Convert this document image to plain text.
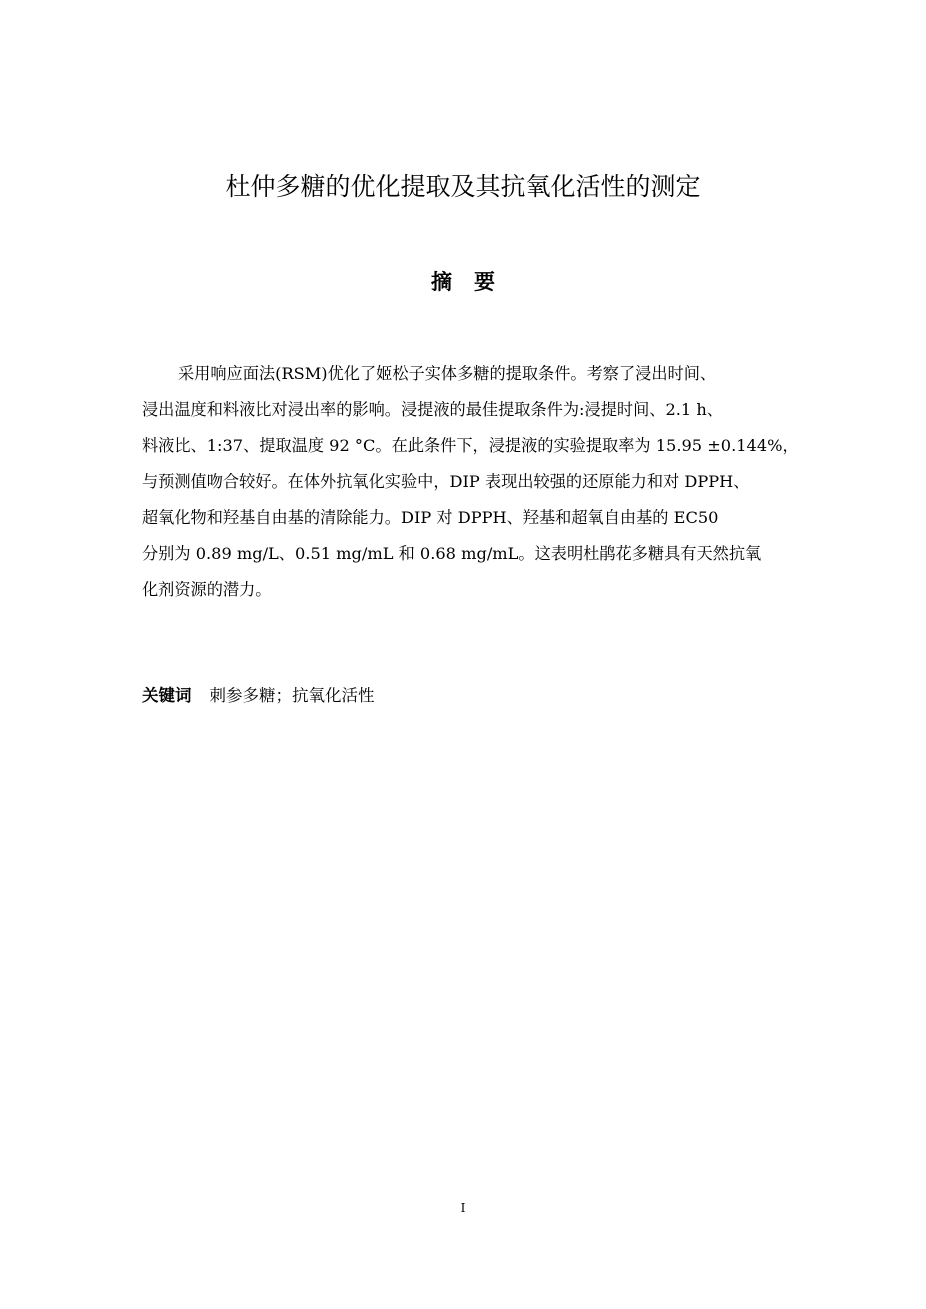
杜仲多糖的优化提取及其抗氧化活性的测定
摘要
采用响应面法(RSM)优化了姬松子实体多糖的提取条件。考察了浸出时间、
浸出温度和料液比对浸出率的影响。浸提液的最佳提取条件为:浸提时间、2.1 h、
料液比、1:37、提取温度 92 °C。在此条件下，浸提液的实验提取率为 15.95 ±0.144%，
与预测值吻合较好。在体外抗氧化实验中，DIP 表现出较强的还原能力和对 DPPH、
超氧化物和羟基自由基的清除能力。DIP 对 DPPH、羟基和超氧自由基的 EC50
分别为 0.89 mg/L、0.51 mg/mL 和 0.68 mg/mL。这表明杜鹃花多糖具有天然抗氧
化剂资源的潜力。
关键词 刺参多糖；抗氧化活性
I
